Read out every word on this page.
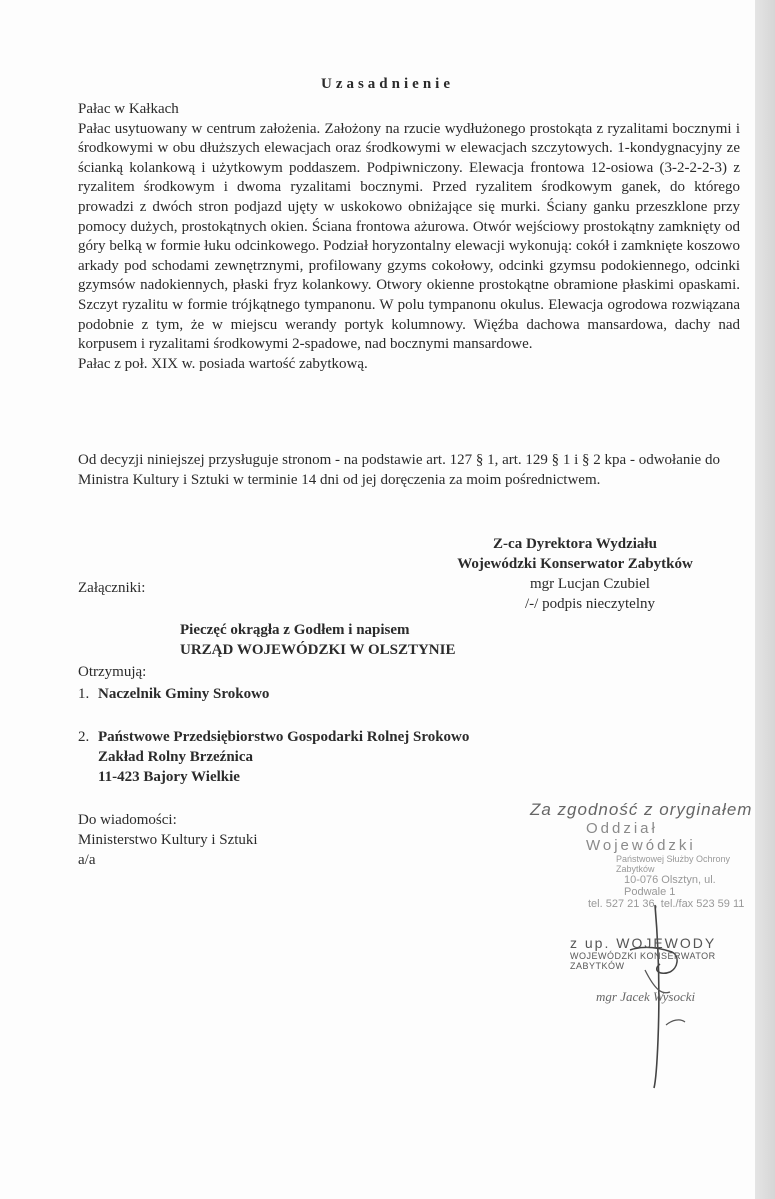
Uzasadnienie

Pałac w Kałkach

Pałac usytuowany w centrum założenia. Założony na rzucie wydłużonego prostokąta z ryzalitami bocznymi i środkowymi w obu dłuższych elewacjach oraz środkowymi w elewacjach szczytowych. 1-kondygnacyjny ze ścianką kolankową i użytkowym poddaszem. Podpiwniczony. Elewacja frontowa 12-osiowa (3-2-2-2-3) z ryzalitem środkowym i dwoma ryzalitami bocznymi. Przed ryzalitem środkowym ganek, do którego prowadzi z dwóch stron podjazd ujęty w uskokowo obniżające się murki. Ściany ganku przeszklone przy pomocy dużych, prostokątnych okien. Ściana frontowa ażurowa. Otwór wejściowy prostokątny zamknięty od góry belką w formie łuku odcinkowego. Podział horyzontalny elewacji wykonują: cokół i zamknięte koszowo arkady pod schodami zewnętrznymi, profilowany gzyms cokołowy, odcinki gzymsu podokiennego, odcinki gzymsów nadokiennych, płaski fryz kolankowy. Otwory okienne prostokątne obramione płaskimi opaskami. Szczyt ryzalitu w formie trójkątnego tympanonu. W polu tympanonu okulus. Elewacja ogrodowa rozwiązana podobnie z tym, że w miejscu werandy portyk kolumnowy. Więźba dachowa mansardowa, dachy nad korpusem i ryzalitami środkowymi 2-spadowe, nad bocznymi mansardowe.

Pałac z poł. XIX w. posiada wartość zabytkową.

Od decyzji niniejszej przysługuje stronom - na podstawie art. 127 § 1, art. 129 § 1 i § 2 kpa - odwołanie do Ministra Kultury i Sztuki w terminie 14 dni od jej doręczenia za moim pośrednictwem.
Z-ca Dyrektora Wydziału
Wojewódzki Konserwator Zabytków
mgr Lucjan Czubiel
/-/ podpis nieczytelny
Załączniki:
Pieczęć okrągła z Godłem i napisem
URZĄD WOJEWÓDZKI W OLSZTYNIE
Otrzymują:
1. Naczelnik Gminy Srokowo
2. Państwowe Przedsiębiorstwo Gospodarki Rolnej Srokowo
Zakład Rolny Brzeźnica
11-423 Bajory Wielkie
Do wiadomości:
Ministerstwo Kultury i Sztuki
a/a
Za zgodność z oryginałem
Oddział Wojewódzki
Państwowej Służby Ochrony Zabytków
10-076 Olsztyn, ul. Podwale 1
tel. 527 21 36, tel./fax 523 59 11
z up. WOJEWODY
WOJEWÓDZKI KONSERWATOR ZABYTKÓW
mgr Jacek Wysocki
